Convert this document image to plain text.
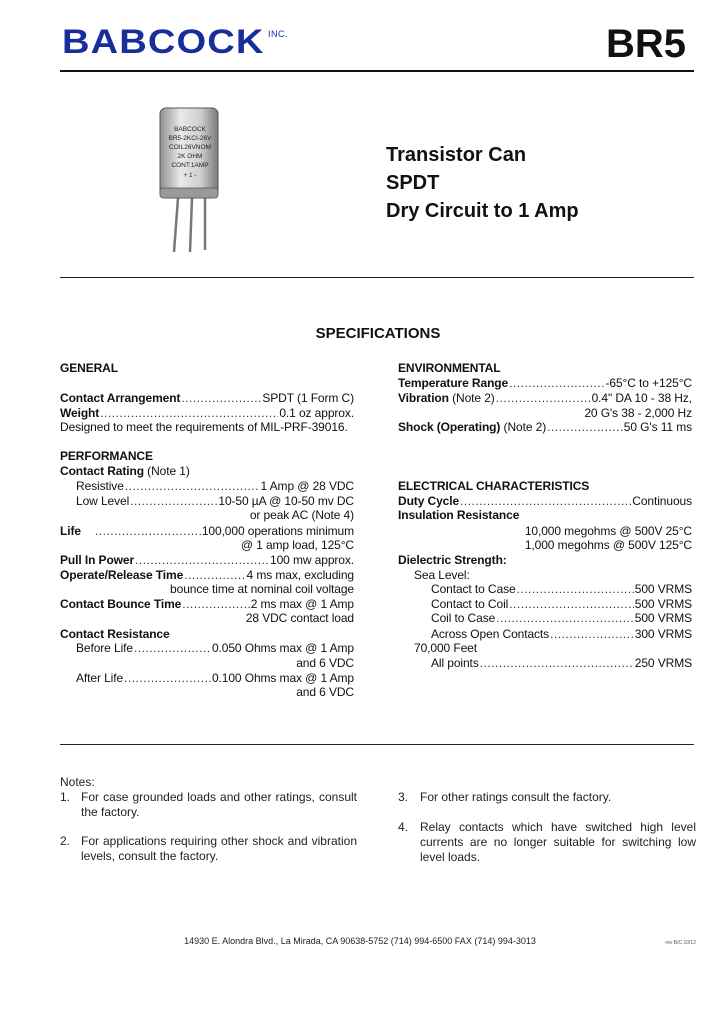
BABCOCK INC.	BR5
BABCOCK
BR5-2KCI-26V
COIL26VNOM
2K OHM
CONT:1AMP
+ 1 -
Transistor Can
SPDT
Dry Circuit to 1 Amp
SPECIFICATIONS
GENERAL
Contact Arrangement .....	SPDT (1 Form C)
Weight .....	0.1 oz approx.
Designed to meet the requirements of MIL-PRF-39016.
PERFORMANCE
Contact Rating (Note 1)
Resistive .....	1 Amp @ 28 VDC
Low Level .....	10-50 µA @ 10-50 mv DC
or peak AC (Note 4)
Life .....	100,000 operations minimum
@ 1 amp load, 125°C
Pull In Power .....	100 mw approx.
Operate/Release Time .....	4 ms max, excluding
bounce time at nominal coil voltage
Contact Bounce Time .....	2 ms max @ 1 Amp
28 VDC contact load
Contact Resistance
Before Life .....	0.050 Ohms max @ 1 Amp
and 6 VDC
After Life .....	0.100 Ohms max @ 1 Amp
and 6 VDC
ENVIRONMENTAL
Temperature Range .....	-65°C to +125°C
Vibration (Note 2) .....	0.4" DA 10 - 38 Hz,
20 G's 38 - 2,000 Hz
Shock (Operating) (Note 2) .....	50 G's 11 ms
ELECTRICAL CHARACTERISTICS
Duty Cycle .....	Continuous
Insulation Resistance
10,000 megohms @ 500V 25°C
1,000 megohms @ 500V 125°C
Dielectric Strength:
Sea Level:
Contact to Case .....	500 VRMS
Contact to Coil .....	500 VRMS
Coil to Case .....	500 VRMS
Across Open Contacts .....	300 VRMS
70,000 Feet
All points .....	250 VRMS
Notes:
1. For case grounded loads and other ratings, consult the factory.
2. For applications requiring other shock and vibration levels, consult the factory.
3. For other ratings consult the factory.
4. Relay contacts which have switched high level currents are no longer suitable for switching low level loads.
14930 E. Alondra Blvd., La Mirada, CA 90638-5752 (714) 994-6500 FAX (714) 994-3013	rev B/C 10/12
